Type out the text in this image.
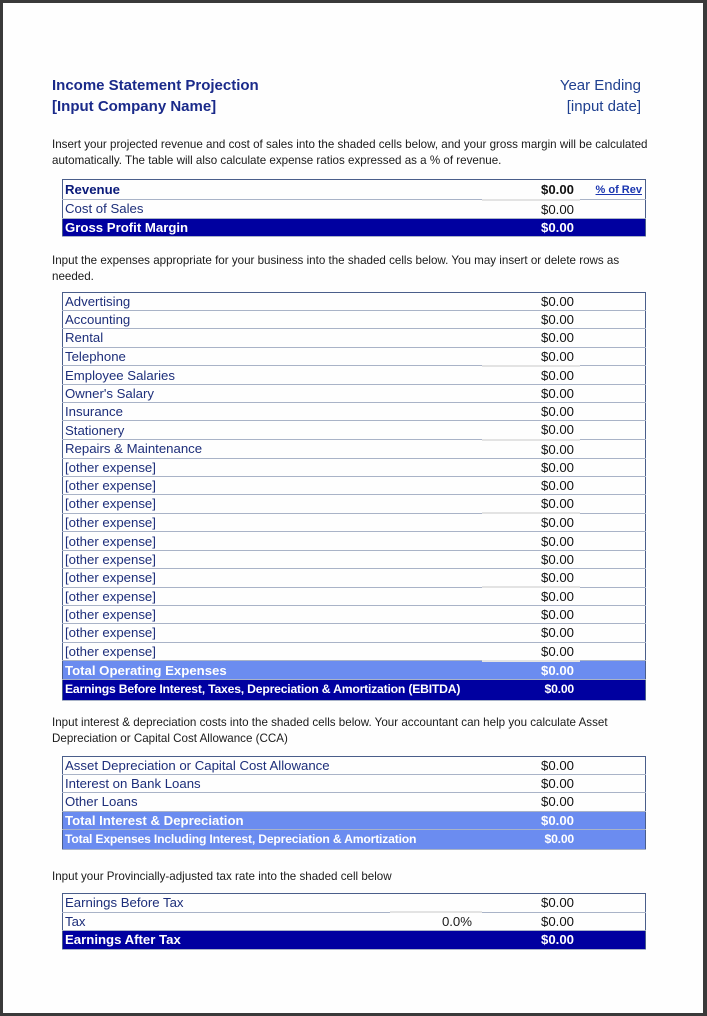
Income Statement Projection
[Input Company Name]
Year Ending
[input date]
Insert your projected revenue and cost of sales into the shaded cells below, and your gross margin will be calculated automatically. The table will also calculate expense ratios expressed as a % of revenue.
Revenue	$0.00	% of Rev
Cost of Sales	$0.00	
Gross Profit Margin	$0.00	
Input the expenses appropriate for your business into the shaded cells below. You may insert or delete rows as needed.
Advertising	$0.00	
Accounting	$0.00	
Rental	$0.00	
Telephone	$0.00	
Employee Salaries	$0.00	
Owner's Salary	$0.00	
Insurance	$0.00	
Stationery	$0.00	
Repairs & Maintenance	$0.00	
[other expense]	$0.00	
[other expense]	$0.00	
[other expense]	$0.00	
[other expense]	$0.00	
[other expense]	$0.00	
[other expense]	$0.00	
[other expense]	$0.00	
[other expense]	$0.00	
[other expense]	$0.00	
[other expense]	$0.00	
[other expense]	$0.00	
Total Operating Expenses	$0.00	
Earnings Before Interest, Taxes, Depreciation & Amortization (EBITDA)	$0.00	
Input interest & depreciation costs into the shaded cells below. Your accountant can help you calculate Asset Depreciation or Capital Cost Allowance (CCA)
Asset Depreciation or Capital Cost Allowance	$0.00	
Interest on Bank Loans	$0.00	
Other Loans	$0.00	
Total Interest & Depreciation	$0.00	
Total Expenses Including Interest, Depreciation & Amortization	$0.00	
Input your Provincially-adjusted tax rate into the shaded cell below
Earnings Before Tax		$0.00	
Tax	0.0%	$0.00	
Earnings After Tax		$0.00	
